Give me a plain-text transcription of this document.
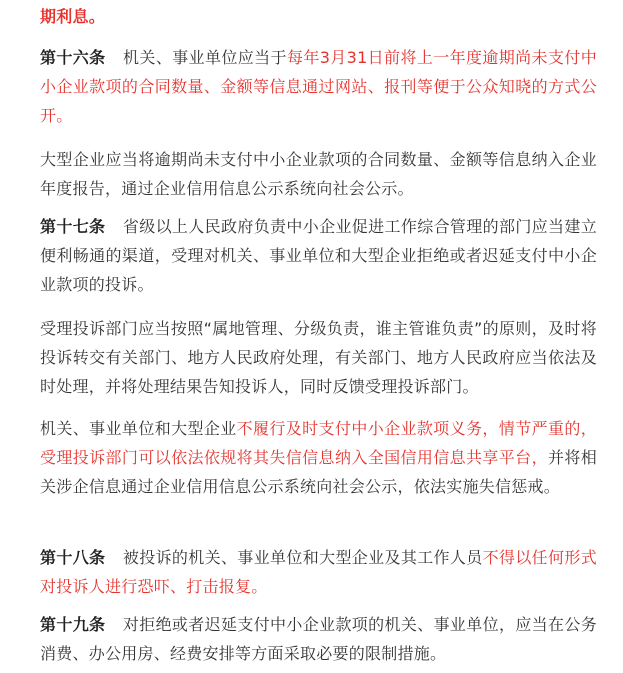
期利息。

第十六条 机关、事业单位应当于每年3月31日前将上一年度逾期尚未支付中小企业款项的合同数量、金额等信息通过网站、报刊等便于公众知晓的方式公开。

大型企业应当将逾期尚未支付中小企业款项的合同数量、金额等信息纳入企业年度报告，通过企业信用信息公示系统向社会公示。

第十七条 省级以上人民政府负责中小企业促进工作综合管理的部门应当建立便利畅通的渠道，受理对机关、事业单位和大型企业拒绝或者迟延支付中小企业款项的投诉。

受理投诉部门应当按照“属地管理、分级负责，谁主管谁负责”的原则，及时将投诉转交有关部门、地方人民政府处理，有关部门、地方人民政府应当依法及时处理，并将处理结果告知投诉人，同时反馈受理投诉部门。

机关、事业单位和大型企业不履行及时支付中小企业款项义务，情节严重的，受理投诉部门可以依法依规将其失信信息纳入全国信用信息共享平台，并将相关涉企信息通过企业信用信息公示系统向社会公示，依法实施失信惩戒。

第十八条 被投诉的机关、事业单位和大型企业及其工作人员不得以任何形式对投诉人进行恐吓、打击报复。

第十九条 对拒绝或者迟延支付中小企业款项的机关、事业单位，应当在公务消费、办公用房、经费安排等方面采取必要的限制措施。
